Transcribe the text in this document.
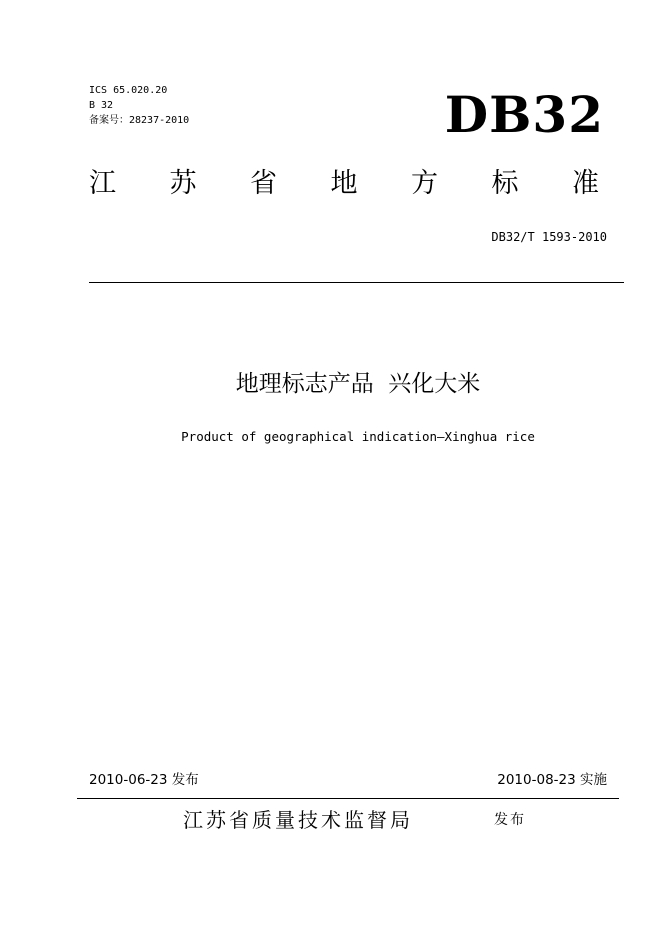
ICS 65.020.20
B 32
备案号：28237-2010	DB32
江 苏 省 地 方 标 准
DB32/T 1593-2010
地理标志产品  兴化大米
Product of geographical indication—Xinghua rice
2010-06-23 发布	2010-08-23 实施
江苏省质量技术监督局	发布
